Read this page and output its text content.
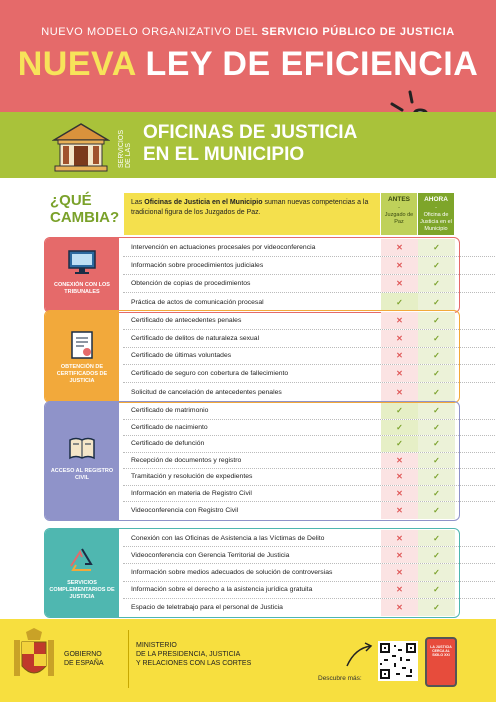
NUEVO MODELO ORGANIZATIVO DEL SERVICIO PÚBLICO DE JUSTICIA
NUEVA LEY DE EFICIENCIA
SERVICIOS DE LAS
OFICINAS DE JUSTICIA
EN EL MUNICIPIO
¿QUÉ
CAMBIA?
Las Oficinas de Justicia en el Municipio suman nuevas competencias a la tradicional figura de los Juzgados de Paz.
ANTES
-
Juzgado de Paz
AHORA
-
Oficina de Justicia en el Municipio
CONEXIÓN CON LOS TRIBUNALES
Intervención en actuaciones procesales por videoconferencia	✕	✓
Información sobre procedimientos judiciales	✕	✓
Obtención de copias de procedimientos	✕	✓
Práctica de actos de comunicación procesal	✓	✓
OBTENCIÓN DE CERTIFICADOS DE JUSTICIA
Certificado de antecedentes penales	✕	✓
Certificado de delitos de naturaleza sexual	✕	✓
Certificado de últimas voluntades	✕	✓
Certificado de seguro con cobertura de fallecimiento	✕	✓
Solicitud de cancelación de antecedentes penales	✕	✓
ACCESO AL REGISTRO CIVIL
Certificado de matrimonio	✓	✓
Certificado de nacimiento	✓	✓
Certificado de defunción	✓	✓
Recepción de documentos y registro	✕	✓
Tramitación y resolución de expedientes	✕	✓
Información en materia de Registro Civil	✕	✓
Videoconferencia con Registro Civil	✕	✓
SERVICIOS COMPLEMENTARIOS DE JUSTICIA
Conexión con las Oficinas de Asistencia a las Víctimas de Delito	✕	✓
Videoconferencia con Gerencia Territorial de Justicia	✕	✓
Información sobre medios adecuados de solución de controversias	✕	✓
Información sobre el derecho a la asistencia jurídica gratuita	✕	✓
Espacio de teletrabajo para el personal de Justicia	✕	✓
GOBIERNO
DE ESPAÑA
MINISTERIO
DE LA PRESIDENCIA, JUSTICIA
Y RELACIONES CON LAS CORTES
Descubre más:
LA JUSTICIA CERCA AL SIGLO XXI
